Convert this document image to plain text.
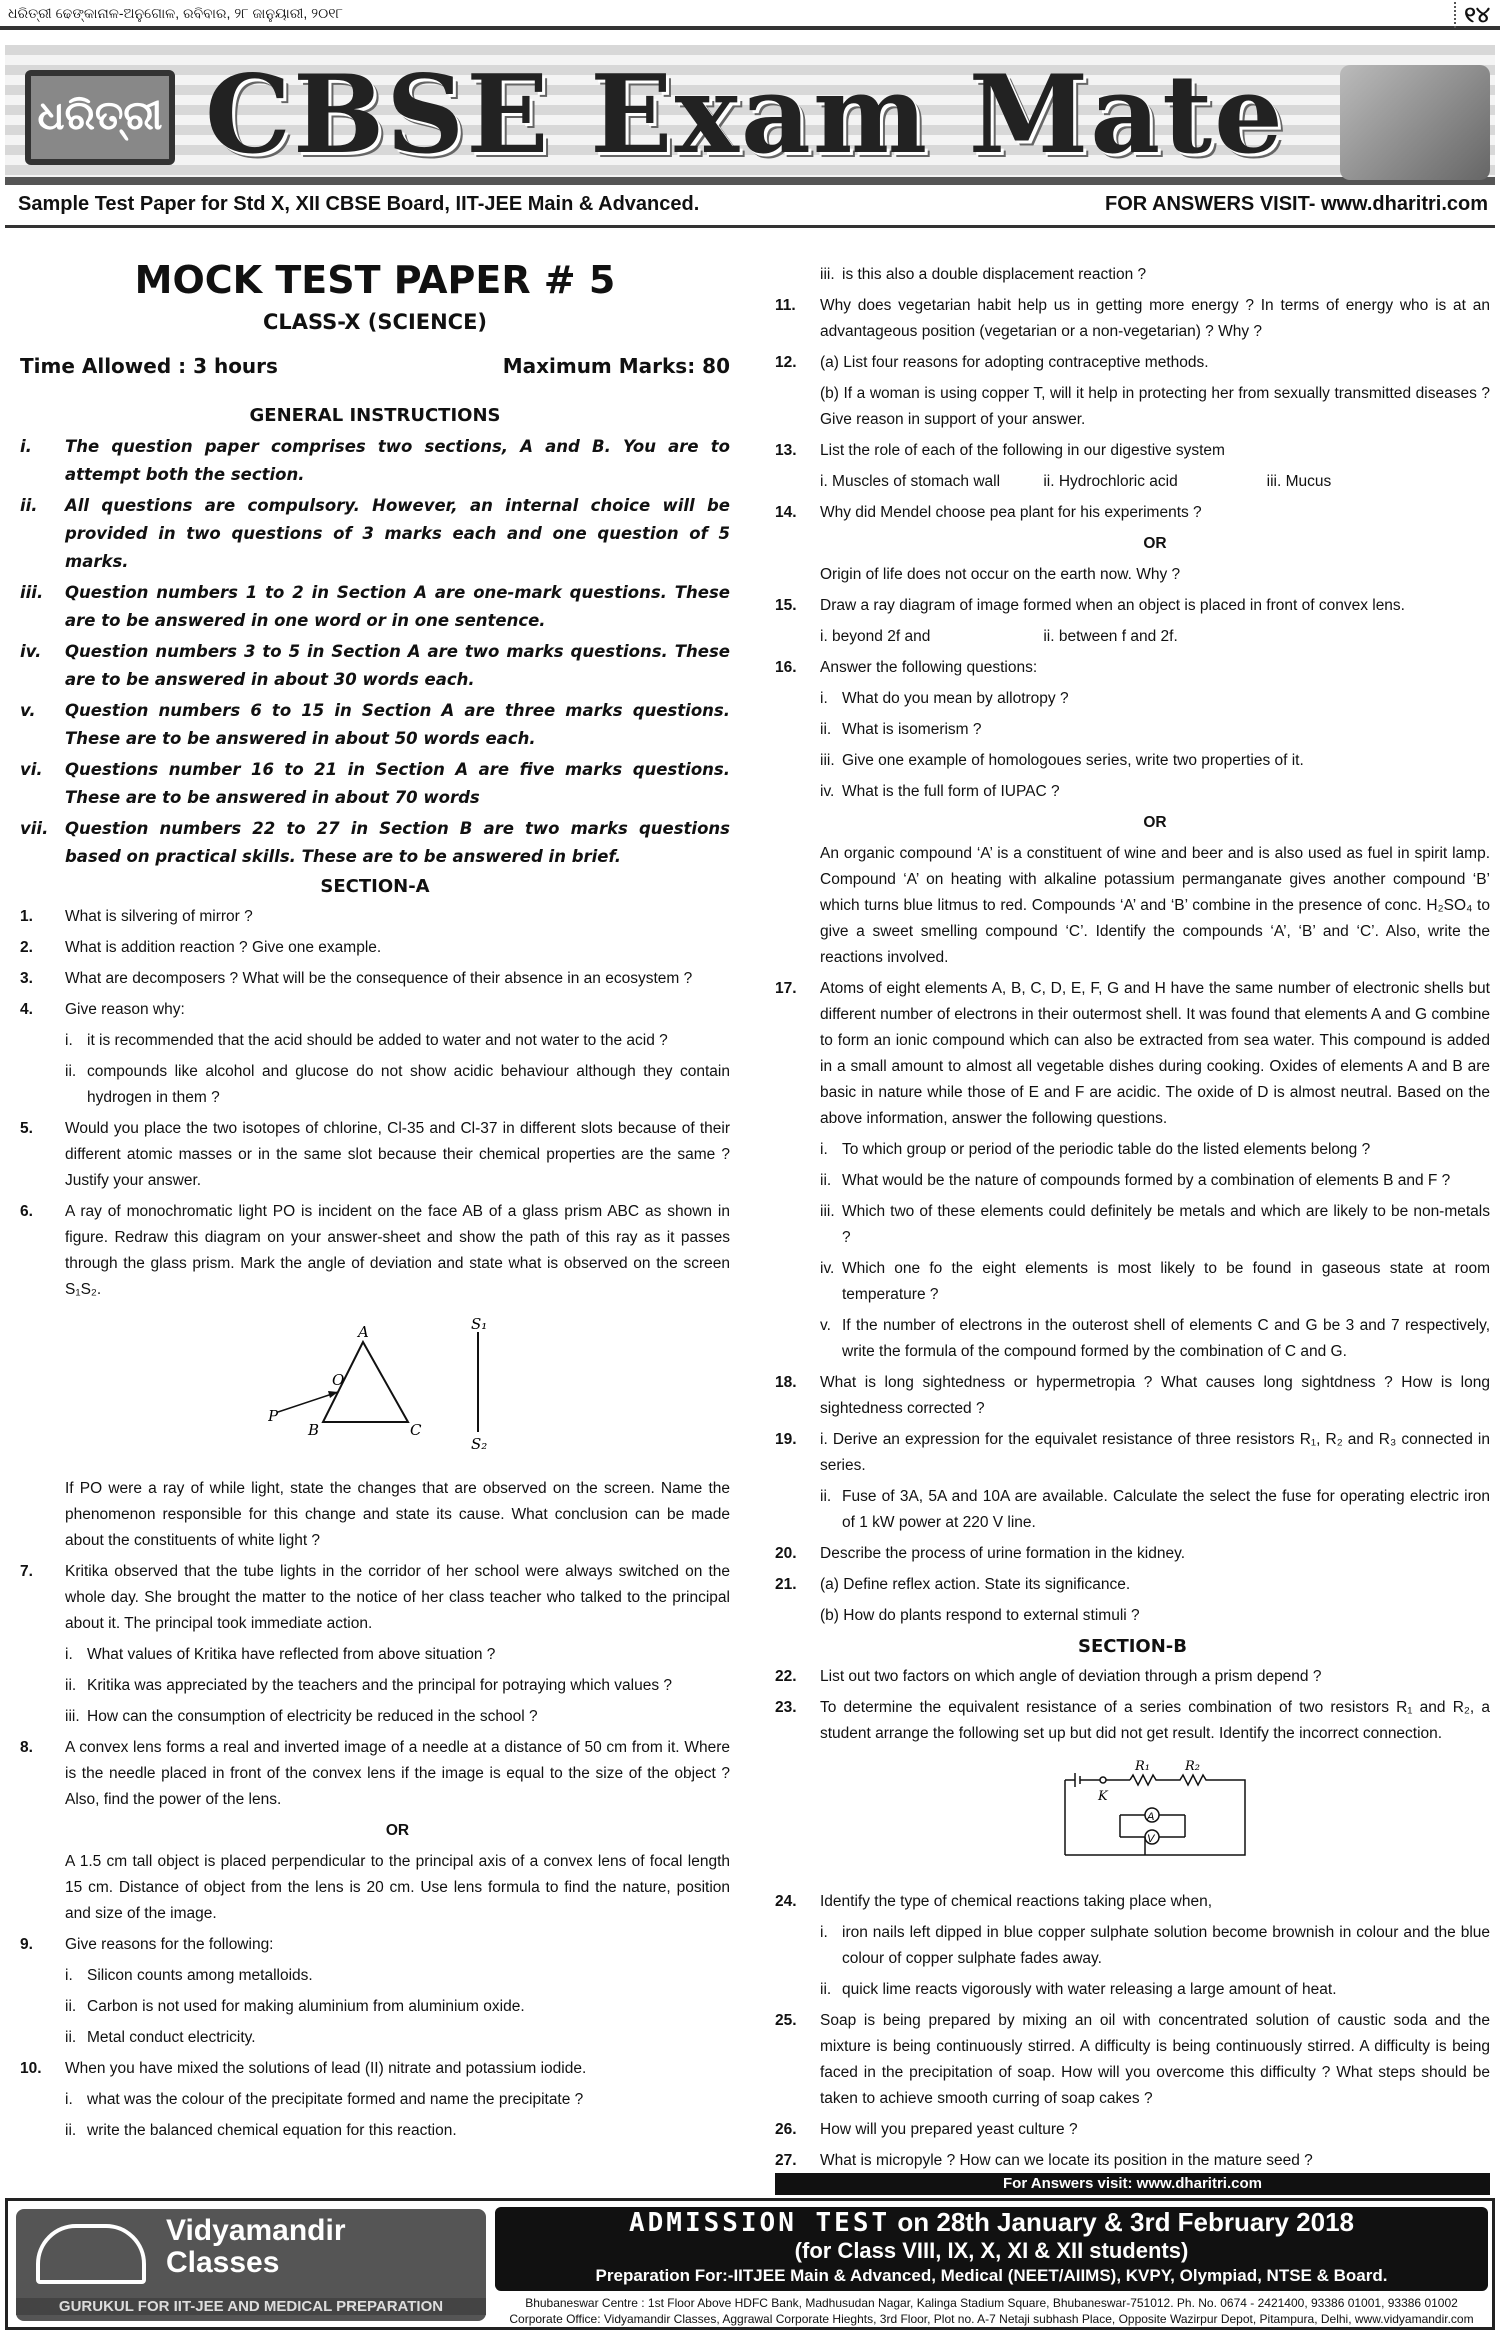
ଧରିତ୍ରୀ ଢେଙ୍କାନାଳ-ଅନୁଗୋଳ, ରବିବାର, ୨୮ ଜାନୁୟାରୀ, ୨୦୧୮	୧୪
ଧରିତ୍ରୀ CBSE Exam Mate
Sample Test Paper for Std X, XII CBSE Board, IIT-JEE Main & Advanced.	FOR ANSWERS VISIT- www.dharitri.com
MOCK TEST PAPER # 5
CLASS-X (SCIENCE)
Time Allowed : 3 hours	Maximum Marks: 80
GENERAL INSTRUCTIONS
i.	The question paper comprises two sections, A and B. You are to attempt both the section.
ii.	All questions are compulsory. However, an internal choice will be provided in two questions of 3 marks each and one question of 5 marks.
iii.	Question numbers 1 to 2 in Section A are one-mark questions. These are to be answered in one word or in one sentence.
iv.	Question numbers 3 to 5 in Section A are two marks questions. These are to be answered in about 30 words each.
v.	Question numbers 6 to 15 in Section A are three marks questions. These are to be answered in about 50 words each.
vi.	Questions number 16 to 21 in Section A are five marks questions. These are to be answered in about 70 words
vii.	Question numbers 22 to 27 in Section B are two marks questions based on practical skills. These are to be answered in brief.
SECTION-A
1.	What is silvering of mirror ?
2.	What is addition reaction ? Give one example.
3.	What are decomposers ? What will be the consequence of their absence in an ecosystem ?
4.	Give reason why:
i. it is recommended that the acid should be added to water and not water to the acid ?
ii. compounds like alcohol and glucose do not show acidic behaviour although they contain hydrogen in them ?
5.	Would you place the two isotopes of chlorine, Cl-35 and Cl-37 in different slots because of their different atomic masses or in the same slot because their chemical properties are the same ? Justify your answer.
6.	A ray of monochromatic light PO is incident on the face AB of a glass prism ABC as shown in figure. Redraw this diagram on your answer-sheet and show the path of this ray as it passes through the glass prism. Mark the angle of deviation and state what is observed on the screen S₁S₂.
A
O
P
B	C
S₁
S₂
If PO were a ray of while light, state the changes that are observed on the screen. Name the phenomenon responsible for this change and state its cause. What conclusion can be made about the constituents of white light ?
7.	Kritika observed that the tube lights in the corridor of her school were always switched on the whole day. She brought the matter to the notice of her class teacher who talked to the principal about it. The principal took immediate action.
i. What values of Kritika have reflected from above situation ?
ii. Kritika was appreciated by the teachers and the principal for potraying which values ?
iii. How can the consumption of electricity be reduced in the school ?
8.	A convex lens forms a real and inverted image of a needle at a distance of 50 cm from it. Where is the needle placed in front of the convex lens if the image is equal to the size of the object ? Also, find the power of the lens.
OR
A 1.5 cm tall object is placed perpendicular to the principal axis of a convex lens of focal length 15 cm. Distance of object from the lens is 20 cm. Use lens formula to find the nature, position and size of the image.
9.	Give reasons for the following:
i. Silicon counts among metalloids.
ii. Carbon is not used for making aluminium from aluminium oxide.
ii. Metal conduct electricity.
10.	When you have mixed the solutions of lead (II) nitrate and potassium iodide.
i. what was the colour of the precipitate formed and name the precipitate ?
ii. write the balanced chemical equation for this reaction.
iii. is this also a double displacement reaction ?
11.	Why does vegetarian habit help us in getting more energy ? In terms of energy who is at an advantageous position (vegetarian or a non-vegetarian) ? Why ?
12.	(a) List four reasons for adopting contraceptive methods.
(b) If a woman is using copper T, will it help in protecting her from sexually transmitted diseases ? Give reason in support of your answer.
13.	List the role of each of the following in our digestive system
i. Muscles of stomach wall	ii. Hydrochloric acid	iii. Mucus
14.	Why did Mendel choose pea plant for his experiments ?
OR
Origin of life does not occur on the earth now. Why ?
15.	Draw a ray diagram of image formed when an object is placed in front of convex lens.
i. beyond 2f and	ii. between f and 2f.
16.	Answer the following questions:
i. What do you mean by allotropy ?
ii. What is isomerism ?
iii. Give one example of homologoues series, write two properties of it.
iv. What is the full form of IUPAC ?
OR
An organic compound ‘A’ is a constituent of wine and beer and is also used as fuel in spirit lamp. Compound ‘A’ on heating with alkaline potassium permanganate gives another compound ‘B’ which turns blue litmus to red. Compounds ‘A’ and ‘B’ combine in the presence of conc. H₂SO₄ to give a sweet smelling compound ‘C’. Identify the compounds ‘A’, ‘B’ and ‘C’. Also, write the reactions involved.
17.	Atoms of eight elements A, B, C, D, E, F, G and H have the same number of electronic shells but different number of electrons in their outermost shell. It was found that elements A and G combine to form an ionic compound which can also be extracted from sea water. This compound is added in a small amount to almost all vegetable dishes during cooking. Oxides of elements A and B are basic in nature while those of E and F are acidic. The oxide of D is almost neutral. Based on the above information, answer the following questions.
i. To which group or period of the periodic table do the listed elements belong ?
ii. What would be the nature of compounds formed by a combination of elements B and F ?
iii. Which two of these elements could definitely be metals and which are likely to be non-metals ?
iv. Which one fo the eight elements is most likely to be found in gaseous state at room temperature ?
v. If the number of electrons in the outerost shell of elements C and G be 3 and 7 respectively, write the formula of the compound formed by the combination of C and G.
18.	What is long sightedness or hypermetropia ? What causes long sightdness ? How is long sightedness corrected ?
19.	i. Derive an expression for the equivalet resistance of three resistors R₁, R₂ and R₃ connected in series.
ii. Fuse of 3A, 5A and 10A are available. Calculate the select the fuse for operating electric iron of 1 kW power at 220 V line.
20.	Describe the process of urine formation in the kidney.
21.	(a) Define reflex action. State its significance.
(b) How do plants respond to external stimuli ?
SECTION-B
22.	List out two factors on which angle of deviation through a prism depend ?
23.	To determine the equivalent resistance of a series combination of two resistors R₁ and R₂, a student arrange the following set up but did not get result. Identify the incorrect connection.
R₁	R₂
K
A
V
24.	Identify the type of chemical reactions taking place when,
i. iron nails left dipped in blue copper sulphate solution become brownish in colour and the blue colour of copper sulphate fades away.
ii. quick lime reacts vigorously with water releasing a large amount of heat.
25.	Soap is being prepared by mixing an oil with concentrated solution of caustic soda and the mixture is being continuously stirred. A difficulty is being continuously stirred. A difficulty is being faced in the precipitation of soap. How will you overcome this difficulty ? What steps should be taken to achieve smooth curring of soap cakes ?
26.	How will you prepared yeast culture ?
27.	What is micropyle ? How can we locate its position in the mature seed ?
For Answers visit: www.dharitri.com
Vidyamandir
Classes
GURUKUL FOR IIT-JEE AND MEDICAL PREPARATION
ADMISSION TEST on 28th January & 3rd February 2018
(for Class VIII, IX, X, XI & XII students)
Preparation For:-IITJEE Main & Advanced, Medical (NEET/AIIMS), KVPY, Olympiad, NTSE & Board.
Bhubaneswar Centre : 1st Floor Above HDFC Bank, Madhusudan Nagar, Kalinga Stadium Square, Bhubaneswar-751012. Ph. No. 0674 - 2421400, 93386 01001, 93386 01002
Corporate Office: Vidyamandir Classes, Aggrawal Corporate Hieghts, 3rd Floor, Plot no. A-7 Netaji subhash Place, Opposite Wazirpur Depot, Pitampura, Delhi, www.vidyamandir.com
